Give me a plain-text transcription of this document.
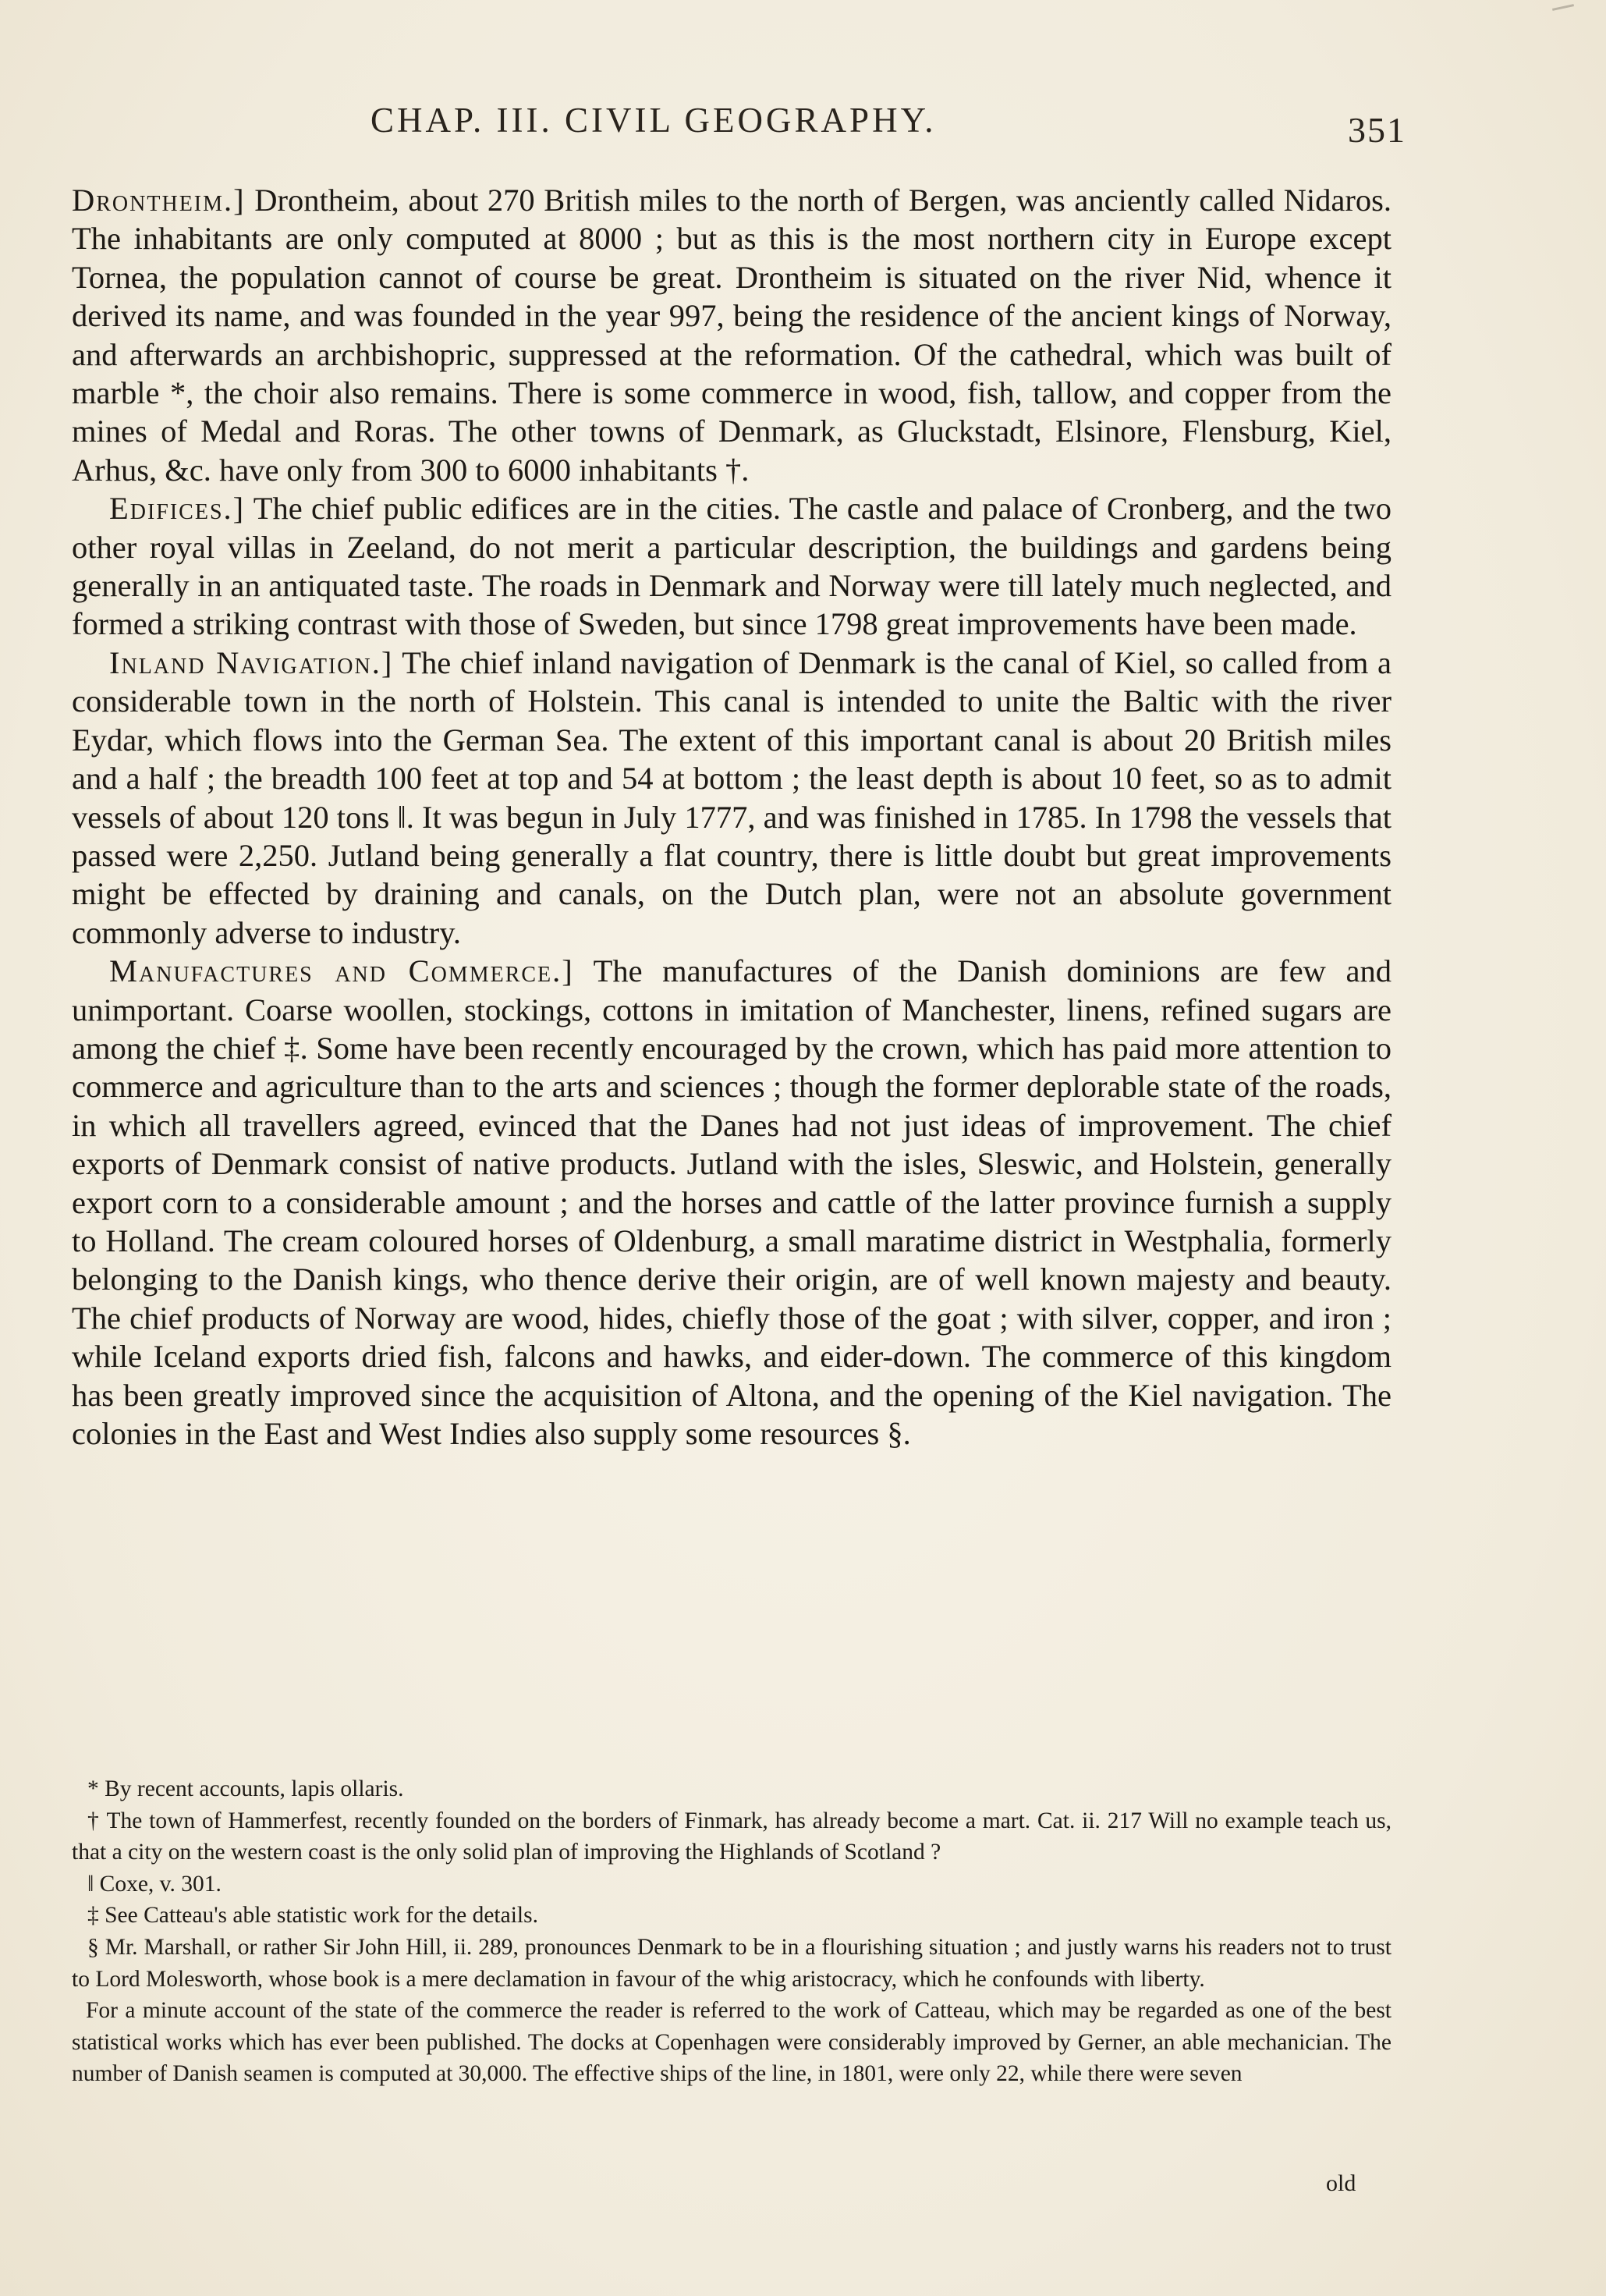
CHAP. III. CIVIL GEOGRAPHY.	351

Drontheim.] Drontheim, about 270 British miles to the north of Bergen, was anciently called Nidaros. The inhabitants are only computed at 8000 ; but as this is the most northern city in Europe except Tornea, the population cannot of course be great. Drontheim is situated on the river Nid, whence it derived its name, and was founded in the year 997, being the residence of the ancient kings of Norway, and afterwards an archbishopric, suppressed at the reformation. Of the cathedral, which was built of marble *, the choir also remains. There is some commerce in wood, fish, tallow, and copper from the mines of Medal and Roras. The other towns of Denmark, as Gluckstadt, Elsinore, Flensburg, Kiel, Arhus, &c. have only from 300 to 6000 inhabitants †.

Edifices.] The chief public edifices are in the cities. The castle and palace of Cronberg, and the two other royal villas in Zeeland, do not merit a particular description, the buildings and gardens being generally in an antiquated taste. The roads in Denmark and Norway were till lately much neglected, and formed a striking contrast with those of Sweden, but since 1798 great improvements have been made.

Inland Navigation.] The chief inland navigation of Denmark is the canal of Kiel, so called from a considerable town in the north of Holstein. This canal is intended to unite the Baltic with the river Eydar, which flows into the German Sea. The extent of this important canal is about 20 British miles and a half ; the breadth 100 feet at top and 54 at bottom ; the least depth is about 10 feet, so as to admit vessels of about 120 tons ‖. It was begun in July 1777, and was finished in 1785. In 1798 the vessels that passed were 2,250. Jutland being generally a flat country, there is little doubt but great improvements might be effected by draining and canals, on the Dutch plan, were not an absolute government commonly adverse to industry.

Manufactures and Commerce.] The manufactures of the Danish dominions are few and unimportant. Coarse woollen, stockings, cottons in imitation of Manchester, linens, refined sugars are among the chief ‡. Some have been recently encouraged by the crown, which has paid more attention to commerce and agriculture than to the arts and sciences ; though the former deplorable state of the roads, in which all travellers agreed, evinced that the Danes had not just ideas of improvement. The chief exports of Denmark consist of native products. Jutland with the isles, Sleswic, and Holstein, generally export corn to a considerable amount ; and the horses and cattle of the latter province furnish a supply to Holland. The cream coloured horses of Oldenburg, a small maratime district in Westphalia, formerly belonging to the Danish kings, who thence derive their origin, are of well known majesty and beauty. The chief products of Norway are wood, hides, chiefly those of the goat ; with silver, copper, and iron ; while Iceland exports dried fish, falcons and hawks, and eider-down. The commerce of this kingdom has been greatly improved since the acquisition of Altona, and the opening of the Kiel navigation. The colonies in the East and West Indies also supply some resources §.

* By recent accounts, lapis ollaris.

† The town of Hammerfest, recently founded on the borders of Finmark, has already become a mart. Cat. ii. 217 Will no example teach us, that a city on the western coast is the only solid plan of improving the Highlands of Scotland ?

‖ Coxe, v. 301.

‡ See Catteau's able statistic work for the details.

§ Mr. Marshall, or rather Sir John Hill, ii. 289, pronounces Denmark to be in a flourishing situation ; and justly warns his readers not to trust to Lord Molesworth, whose book is a mere declamation in favour of the whig aristocracy, which he confounds with liberty.

For a minute account of the state of the commerce the reader is referred to the work of Catteau, which may be regarded as one of the best statistical works which has ever been published. The docks at Copenhagen were considerably improved by Gerner, an able mechanician. The number of Danish seamen is computed at 30,000. The effective ships of the line, in 1801, were only 22, while there were seven

old
